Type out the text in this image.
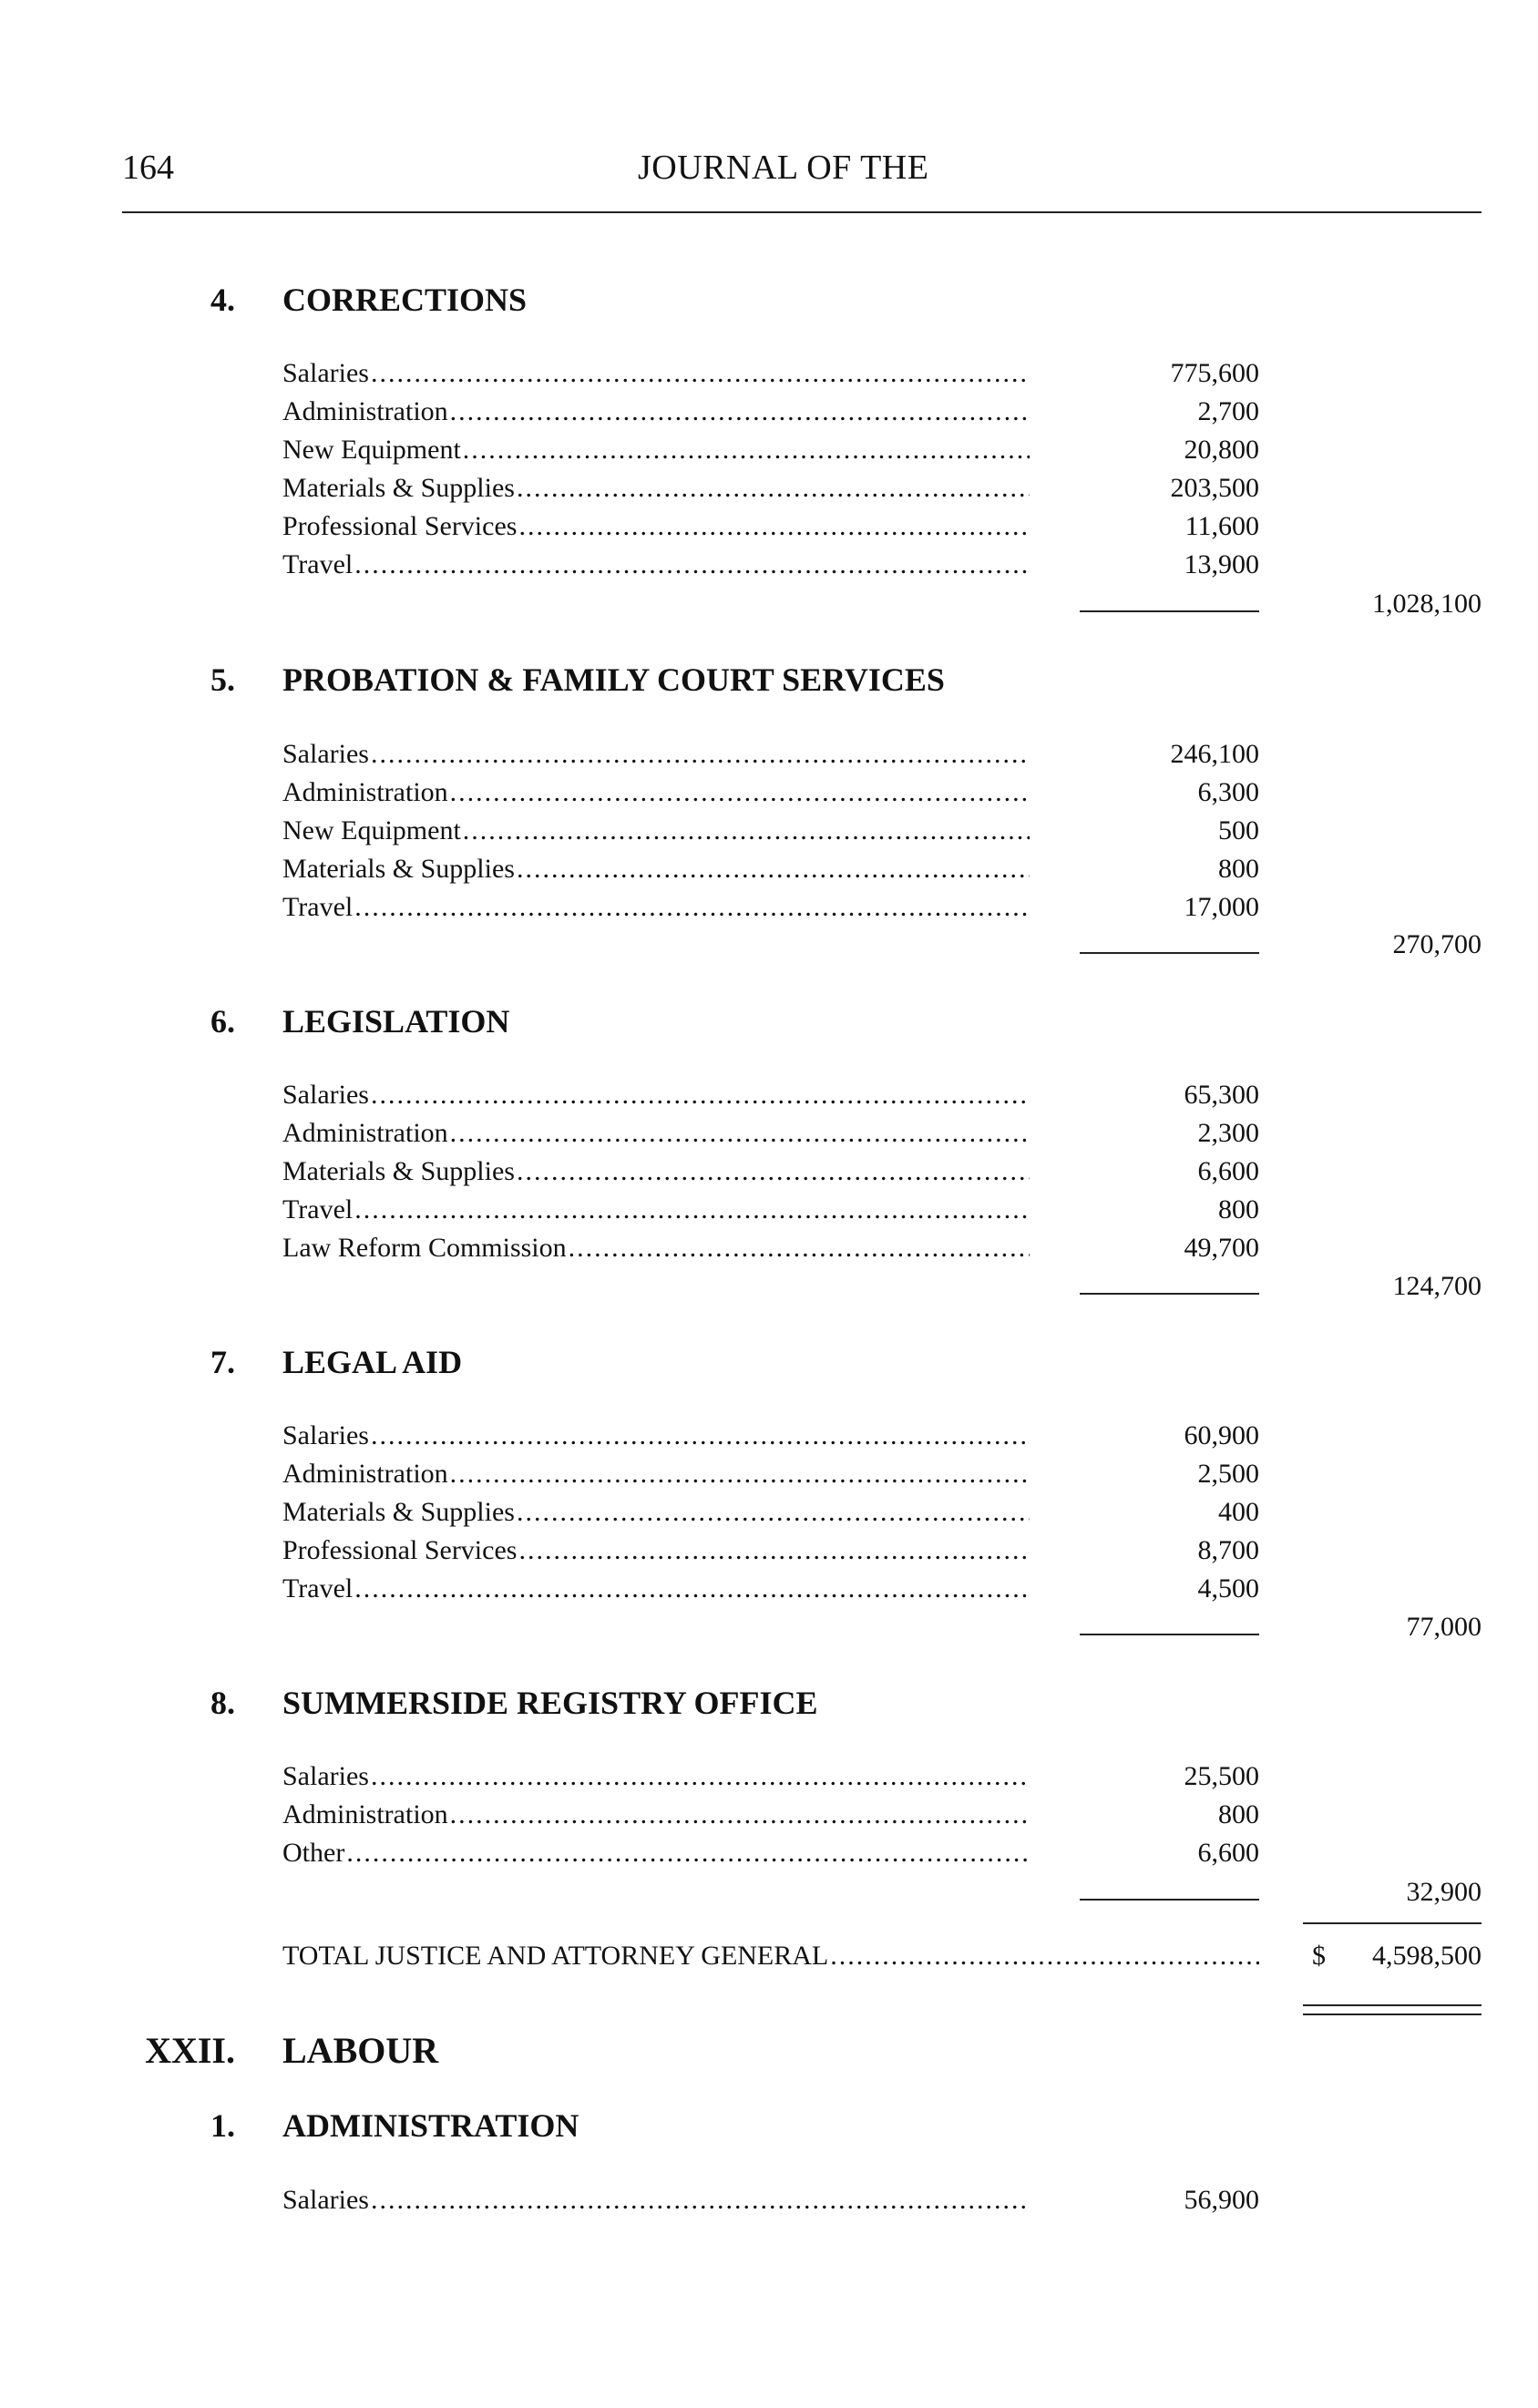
164	JOURNAL OF THE
4. CORRECTIONS
Salaries .....	775,600
Administration .....	2,700
New Equipment .....	20,800
Materials & Supplies .....	203,500
Professional Services .....	11,600
Travel .....	13,900
1,028,100
5. PROBATION & FAMILY COURT SERVICES
Salaries .....	246,100
Administration .....	6,300
New Equipment .....	500
Materials & Supplies .....	800
Travel .....	17,000
270,700
6. LEGISLATION
Salaries .....	65,300
Administration .....	2,300
Materials & Supplies .....	6,600
Travel .....	800
Law Reform Commission .....	49,700
124,700
7. LEGAL AID
Salaries .....	60,900
Administration .....	2,500
Materials & Supplies .....	400
Professional Services .....	8,700
Travel .....	4,500
77,000
8. SUMMERSIDE REGISTRY OFFICE
Salaries .....	25,500
Administration .....	800
Other .....	6,600
32,900
TOTAL JUSTICE AND ATTORNEY GENERAL .....	$ 4,598,500
XXII. LABOUR
1. ADMINISTRATION
Salaries .....	56,900
